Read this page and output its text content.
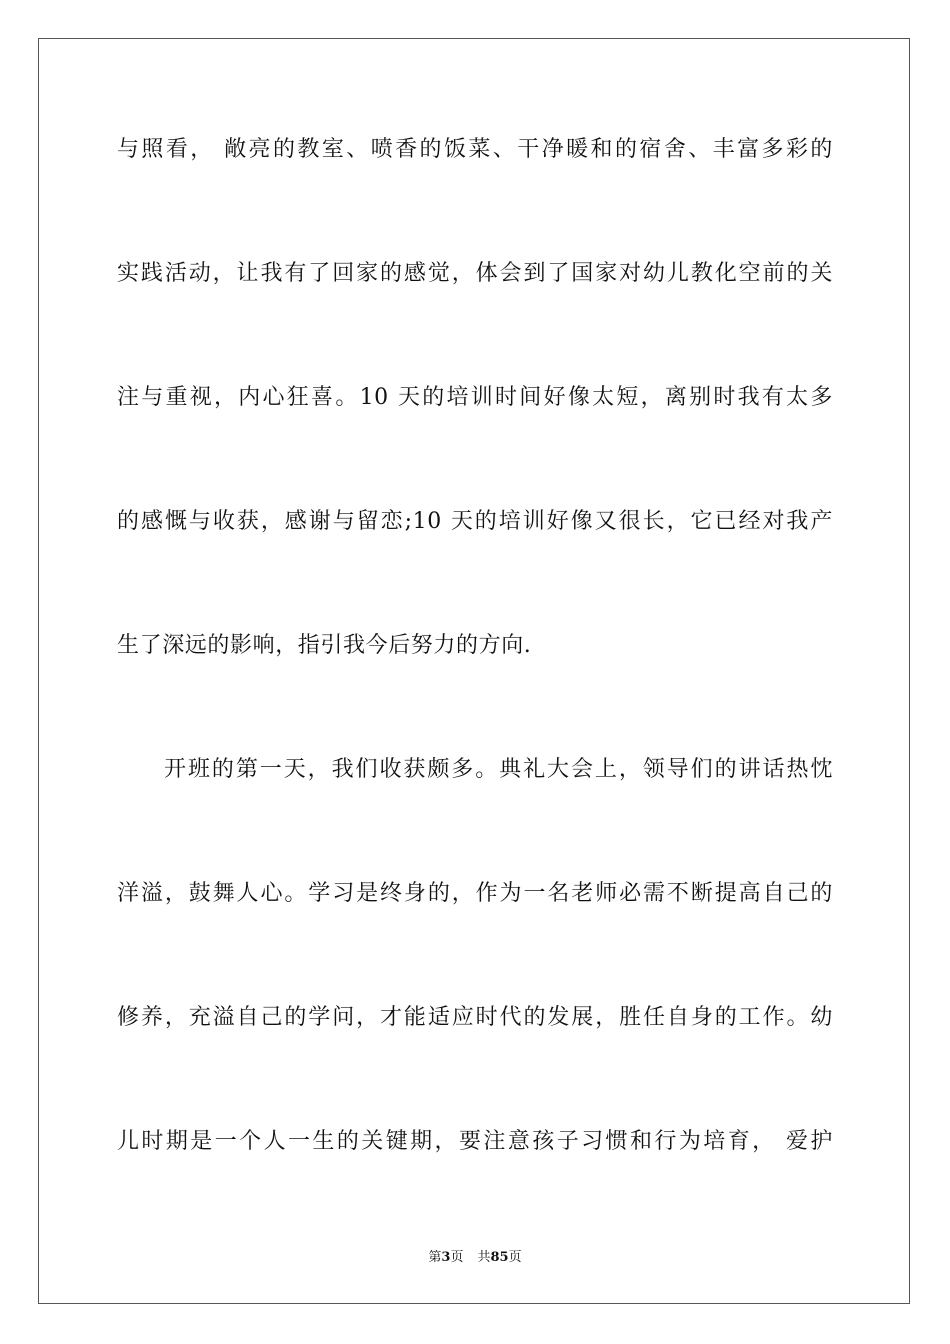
与照看， 敞亮的教室、喷香的饭菜、干净暖和的宿舍、丰富多彩的
实践活动，让我有了回家的感觉，体会到了国家对幼儿教化空前的关
注与重视，内心狂喜。10 天的培训时间好像太短，离别时我有太多
的感慨与收获，感谢与留恋;10 天的培训好像又很长，它已经对我产
生了深远的影响，指引我今后努力的方向.
开班的第一天，我们收获颇多。典礼大会上，领导们的讲话热忱
洋溢，鼓舞人心。学习是终身的，作为一名老师必需不断提高自己的
修养，充溢自己的学问，才能适应时代的发展，胜任自身的工作。幼
儿时期是一个人一生的关键期，要注意孩子习惯和行为培育， 爱护
第3页 共85页
